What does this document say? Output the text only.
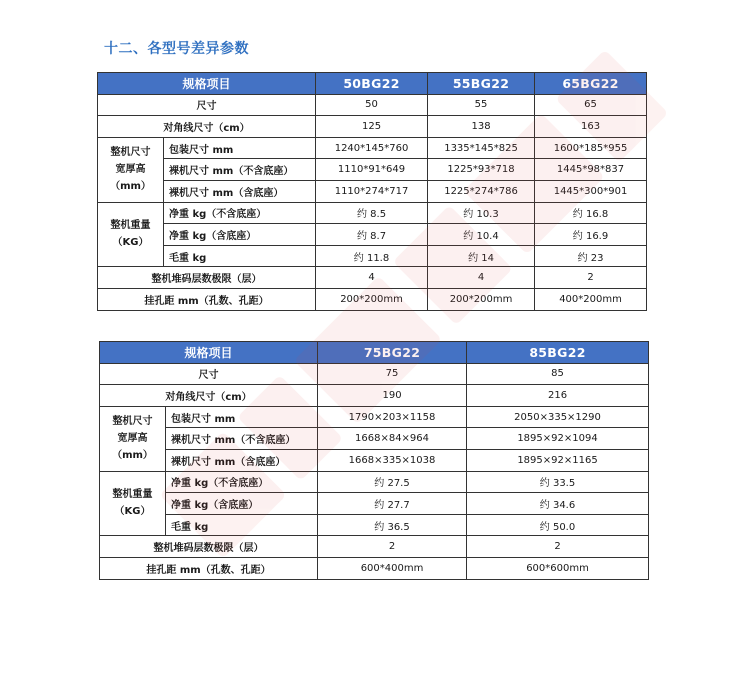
十二、各型号差异参数
规格项目		50BG22	55BG22	65BG22
尺寸		50	55	65
对角线尺寸（cm）		125	138	163
整机尺寸
宽厚高
（mm）	包装尺寸 mm	1240*145*760	1335*145*825	1600*185*955
	裸机尺寸 mm（不含底座）	1110*91*649	1225*93*718	1445*98*837
	裸机尺寸 mm（含底座）	1110*274*717	1225*274*786	1445*300*901
整机重量
（KG）	净重 kg（不含底座）	约 8.5	约 10.3	约 16.8
	净重 kg（含底座）	约 8.7	约 10.4	约 16.9
	毛重 kg	约 11.8	约 14	约 23
整机堆码层数极限（层）		4	4	2
挂孔距 mm（孔数、孔距）		200*200mm	200*200mm	400*200mm
规格项目		75BG22	85BG22
尺寸		75	85
对角线尺寸（cm）		190	216
整机尺寸
宽厚高
（mm）	包装尺寸 mm	1790×203×1158	2050×335×1290
	裸机尺寸 mm（不含底座）	1668×84×964	1895×92×1094
	裸机尺寸 mm（含底座）	1668×335×1038	1895×92×1165
整机重量
（KG）	净重 kg（不含底座）	约 27.5	约 33.5
	净重 kg（含底座）	约 27.7	约 34.6
	毛重 kg	约 36.5	约 50.0
整机堆码层数极限（层）		2	2
挂孔距 mm（孔数、孔距）		600*400mm	600*600mm
